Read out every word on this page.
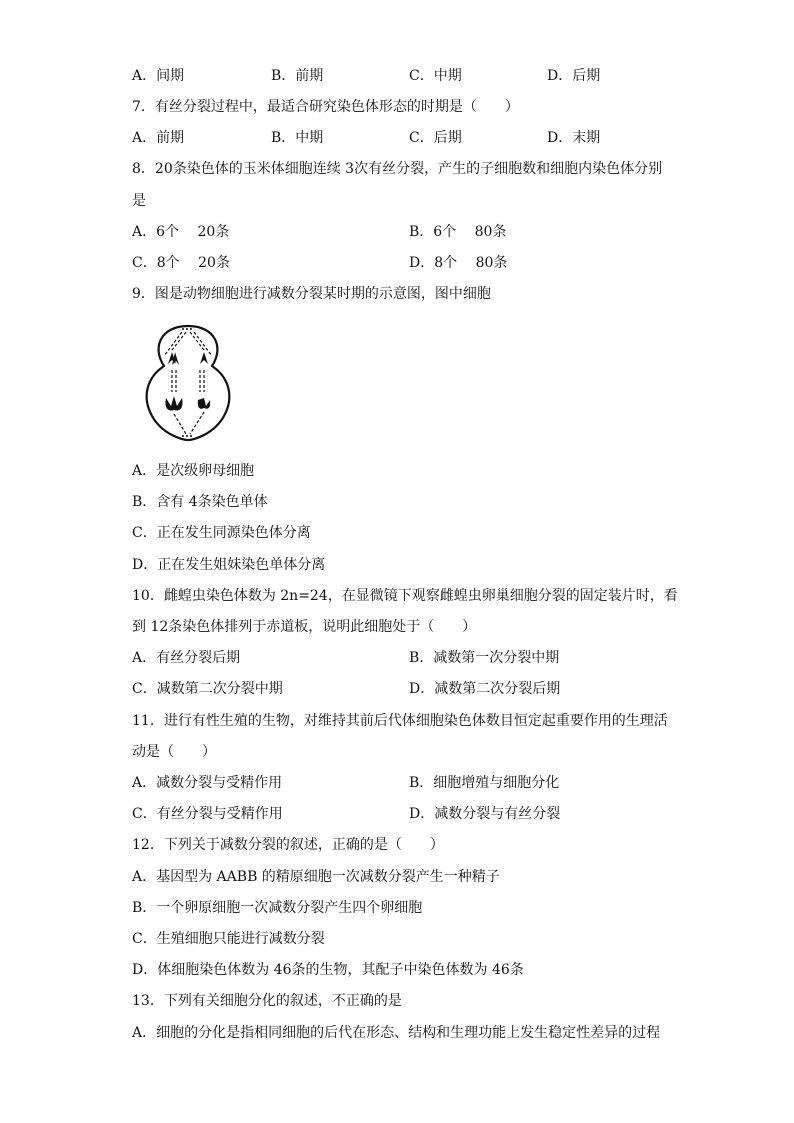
A．间期	B．前期	C．中期	D．后期
7．有丝分裂过程中，最适合研究染色体形态的时期是（　　）
A．前期	B．中期	C．后期	D．末期
8．20条染色体的玉米体细胞连续 3次有丝分裂，产生的子细胞数和细胞内染色体分别
是
A．6个　 20条	B．6个　 80条
C．8个　 20条	D．8个　 80条
9．图是动物细胞进行减数分裂某时期的示意图，图中细胞
A．是次级卵母细胞
B．含有 4条染色单体
C．正在发生同源染色体分离
D．正在发生姐妹染色单体分离
10．雌蝗虫染色体数为 2n=24，在显微镜下观察雌蝗虫卵巢细胞分裂的固定装片时，看
到 12条染色体排列于赤道板，说明此细胞处于（　　）
A．有丝分裂后期	B．减数第一次分裂中期
C．减数第二次分裂中期	D．减数第二次分裂后期
11．进行有性生殖的生物，对维持其前后代体细胞染色体数目恒定起重要作用的生理活
动是（　　）
A．减数分裂与受精作用	B．细胞增殖与细胞分化
C．有丝分裂与受精作用	D．减数分裂与有丝分裂
12．下列关于减数分裂的叙述，正确的是（　　）
A．基因型为 AABB 的精原细胞一次减数分裂产生一种精子
B．一个卵原细胞一次减数分裂产生四个卵细胞
C．生殖细胞只能进行减数分裂
D．体细胞染色体数为 46条的生物，其配子中染色体数为 46条
13．下列有关细胞分化的叙述，不正确的是
A．细胞的分化是指相同细胞的后代在形态、结构和生理功能上发生稳定性差异的过程
